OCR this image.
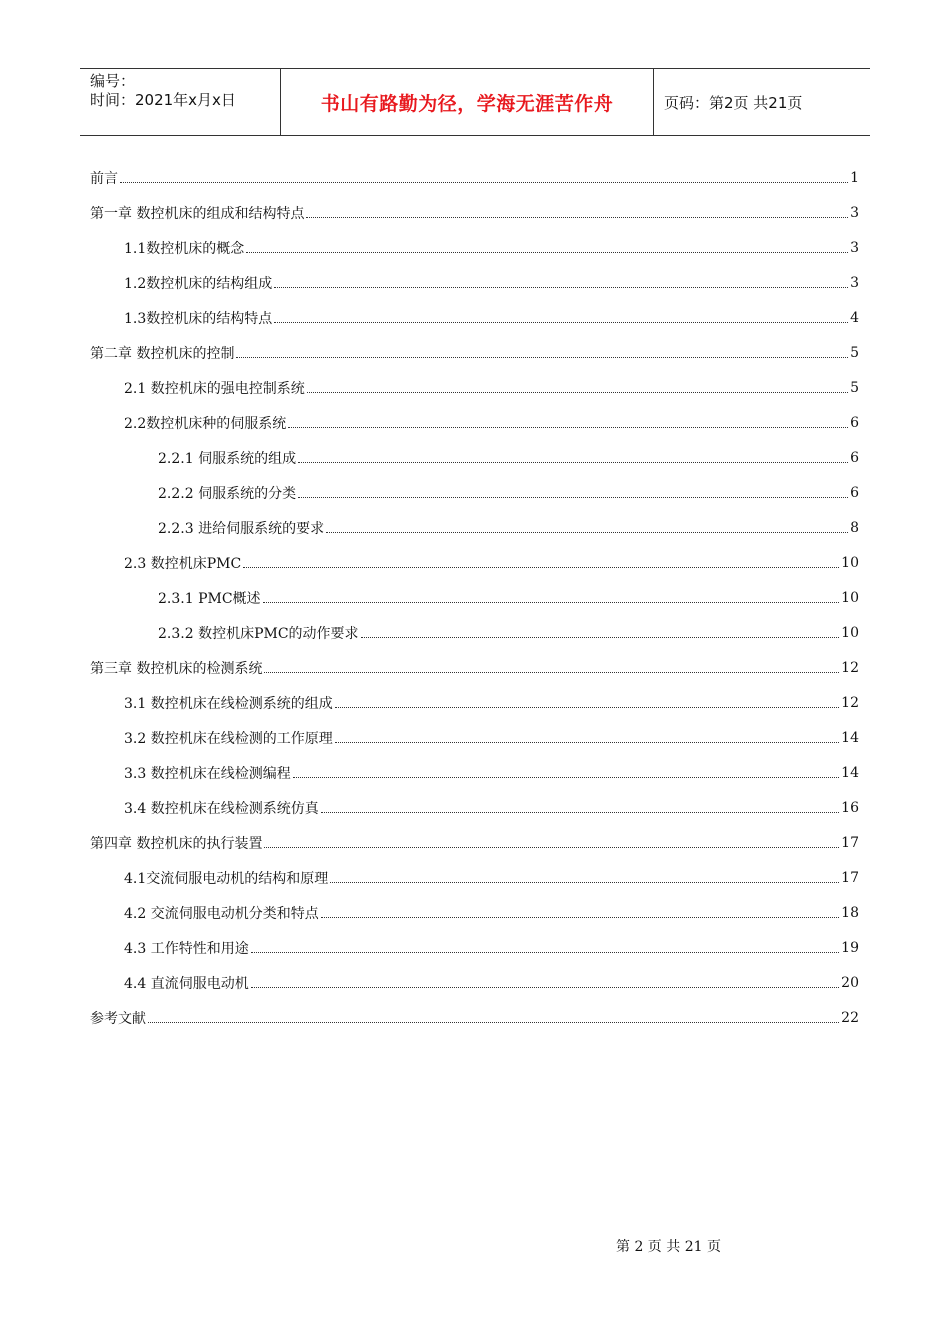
编号：
时间：2021年x月x日	书山有路勤为径，学海无涯苦作舟	页码：第2页 共21页
前言	1
第一章 数控机床的组成和结构特点	3
1.1数控机床的概念	3
1.2数控机床的结构组成	3
1.3数控机床的结构特点	4
第二章 数控机床的控制	5
2.1 数控机床的强电控制系统	5
2.2数控机床种的伺服系统	6
2.2.1 伺服系统的组成	6
2.2.2 伺服系统的分类	6
2.2.3 进给伺服系统的要求	8
2.3 数控机床PMC	10
2.3.1 PMC概述	10
2.3.2 数控机床PMC的动作要求	10
第三章 数控机床的检测系统	12
3.1 数控机床在线检测系统的组成	12
3.2 数控机床在线检测的工作原理	14
3.3 数控机床在线检测编程	14
3.4 数控机床在线检测系统仿真	16
第四章 数控机床的执行装置	17
4.1交流伺服电动机的结构和原理	17
4.2 交流伺服电动机分类和特点	18
4.3 工作特性和用途	19
4.4 直流伺服电动机	20
参考文献	22
第 2 页 共 21 页
